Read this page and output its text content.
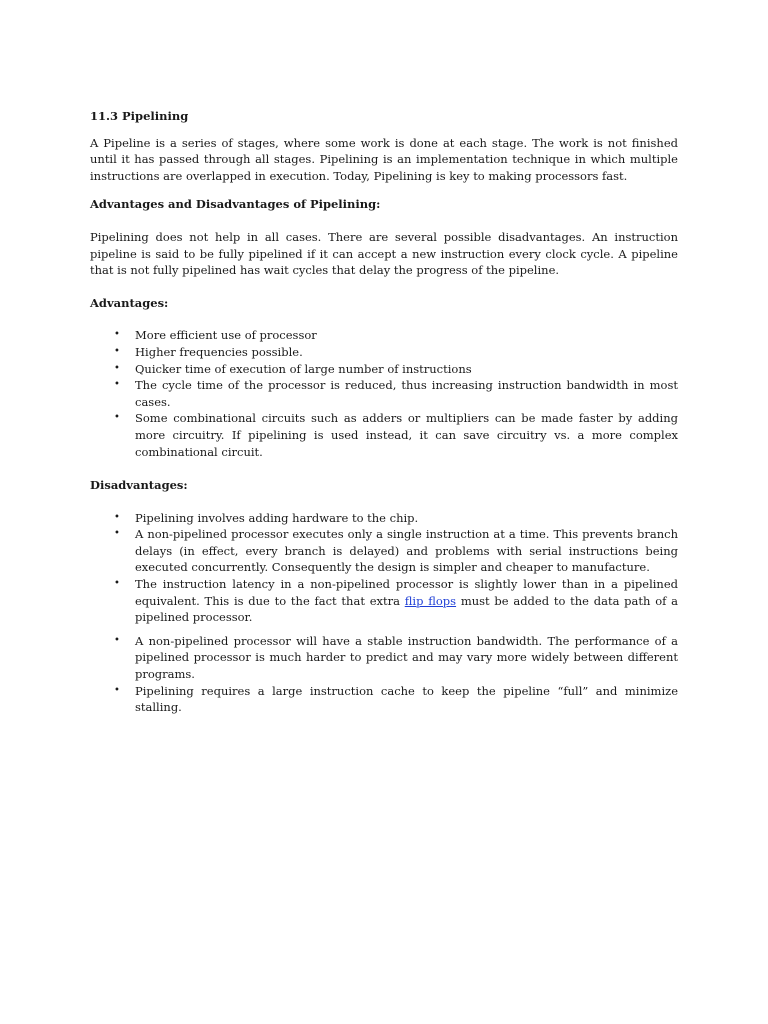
11.3 Pipelining

A Pipeline is a series of stages, where some work is done at each stage. The work is not finished until it has passed through all stages. Pipelining is an implementation technique in which multiple instructions are overlapped in execution. Today, Pipelining is key to making processors fast.

Advantages and Disadvantages of Pipelining:

Pipelining does not help in all cases. There are several possible disadvantages. An instruction pipeline is said to be fully pipelined if it can accept a new instruction every clock cycle. A pipeline that is not fully pipelined has wait cycles that delay the progress of the pipeline.

Advantages:

• More efficient use of processor
• Higher frequencies possible.
• Quicker time of execution of large number of instructions
• The cycle time of the processor is reduced, thus increasing instruction bandwidth in most cases.
• Some combinational circuits such as adders or multipliers can be made faster by adding more circuitry. If pipelining is used instead, it can save circuitry vs. a more complex combinational circuit.

Disadvantages:

• Pipelining involves adding hardware to the chip.
• A non-pipelined processor executes only a single instruction at a time. This prevents branch delays (in effect, every branch is delayed) and problems with serial instructions being executed concurrently. Consequently the design is simpler and cheaper to manufacture.
• The instruction latency in a non-pipelined processor is slightly lower than in a pipelined equivalent. This is due to the fact that extra flip flops must be added to the data path of a pipelined processor.
• A non-pipelined processor will have a stable instruction bandwidth. The performance of a pipelined processor is much harder to predict and may vary more widely between different programs.
• Pipelining requires a large instruction cache to keep the pipeline “full” and minimize stalling.
